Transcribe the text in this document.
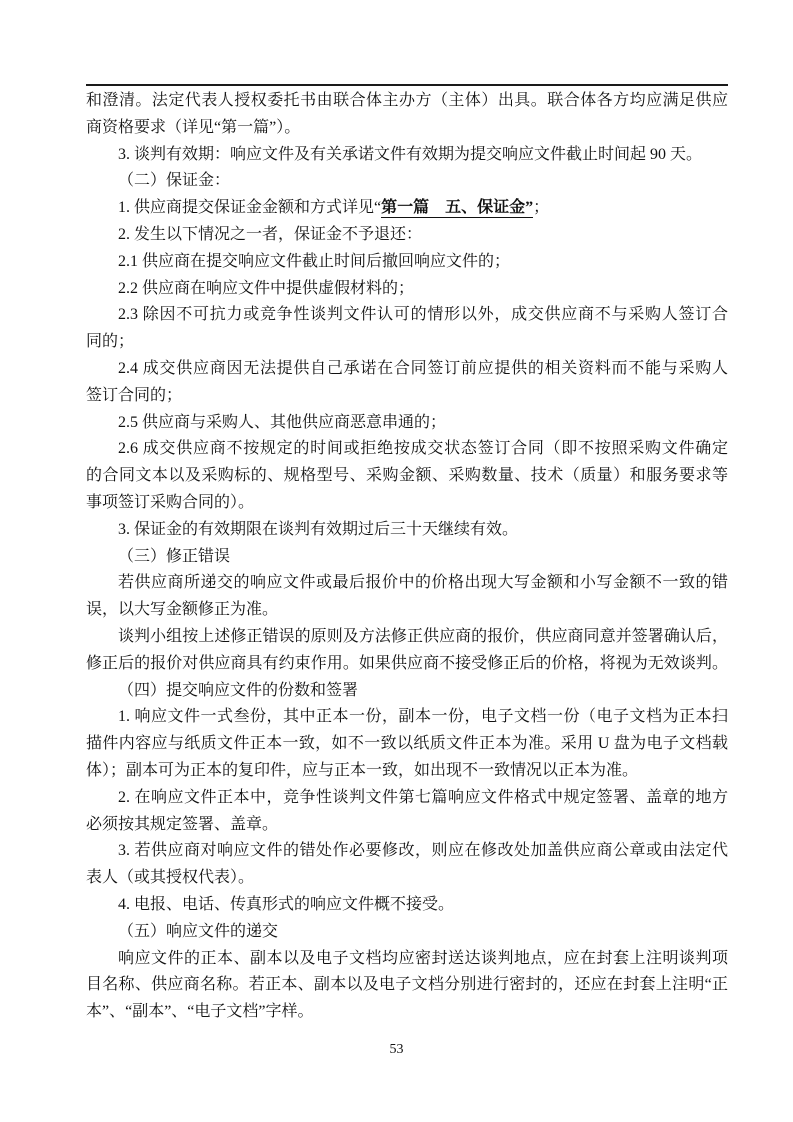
和澄清。法定代表人授权委托书由联合体主办方（主体）出具。联合体各方均应满足供应
商资格要求（详见“第一篇”）。
3. 谈判有效期：响应文件及有关承诺文件有效期为提交响应文件截止时间起 90 天。
（二）保证金：
1. 供应商提交保证金金额和方式详见“第一篇　五、保证金”；
2. 发生以下情况之一者，保证金不予退还：
2.1 供应商在提交响应文件截止时间后撤回响应文件的；
2.2 供应商在响应文件中提供虚假材料的；
2.3 除因不可抗力或竞争性谈判文件认可的情形以外，成交供应商不与采购人签订合
同的；
2.4 成交供应商因无法提供自己承诺在合同签订前应提供的相关资料而不能与采购人
签订合同的；
2.5 供应商与采购人、其他供应商恶意串通的；
2.6 成交供应商不按规定的时间或拒绝按成交状态签订合同（即不按照采购文件确定
的合同文本以及采购标的、规格型号、采购金额、采购数量、技术（质量）和服务要求等
事项签订采购合同的）。
3. 保证金的有效期限在谈判有效期过后三十天继续有效。
（三）修正错误
若供应商所递交的响应文件或最后报价中的价格出现大写金额和小写金额不一致的错
误，以大写金额修正为准。
谈判小组按上述修正错误的原则及方法修正供应商的报价，供应商同意并签署确认后，
修正后的报价对供应商具有约束作用。如果供应商不接受修正后的价格，将视为无效谈判。
（四）提交响应文件的份数和签署
1. 响应文件一式叁份，其中正本一份，副本一份，电子文档一份（电子文档为正本扫
描件内容应与纸质文件正本一致，如不一致以纸质文件正本为准。采用 U 盘为电子文档载
体）；副本可为正本的复印件，应与正本一致，如出现不一致情况以正本为准。
2. 在响应文件正本中，竞争性谈判文件第七篇响应文件格式中规定签署、盖章的地方
必须按其规定签署、盖章。
3. 若供应商对响应文件的错处作必要修改，则应在修改处加盖供应商公章或由法定代
表人（或其授权代表）。
4. 电报、电话、传真形式的响应文件概不接受。
（五）响应文件的递交
响应文件的正本、副本以及电子文档均应密封送达谈判地点，应在封套上注明谈判项
目名称、供应商名称。若正本、副本以及电子文档分别进行密封的，还应在封套上注明“正
本”、“副本”、“电子文档”字样。
53
